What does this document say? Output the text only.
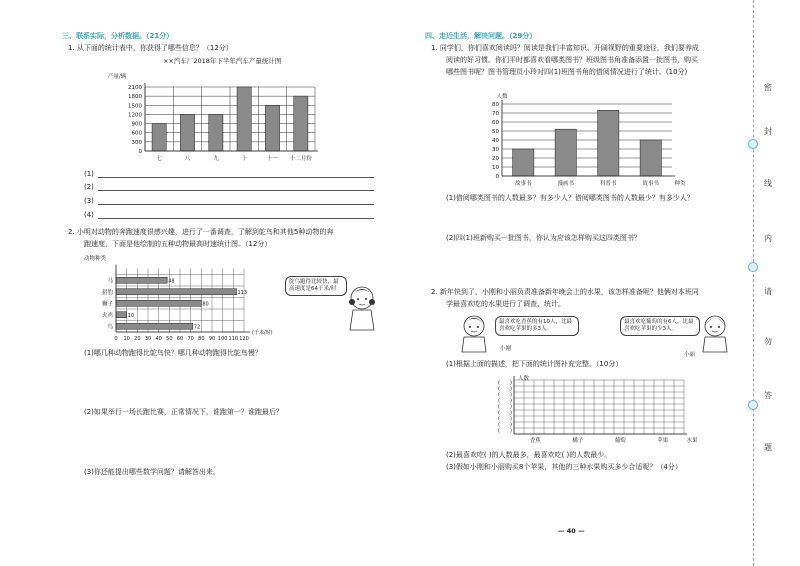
三、联系实际，分析数据。（21分）
1. 从下面的统计表中，你获得了哪些信息？（12分）
××汽车厂2018年下半年汽车产量统计图
产量/辆
0
300
600
900
1200
1500
1800
2100
七	八	九	十	十一 十二月份
(1)
(2)
(3)
(4)
2. 小明对动物的奔跑速度很感兴趣，进行了一番调查，了解到鸵鸟和其他5种动物的奔
跑速度，下面是他绘制的五种动物最高时速统计图。（12分）
动物种类
0 10 20 30 40 50 60 70 80 90 100 110 120
72
鸟
10
火鸡
80
狮子
113
猎豹
48
马
(千米/时)
鸵鸟跑得比较快，最高速度是64千米/时
(1)哪几种动物跑得比鸵鸟快？哪几种动物跑得比鸵鸟慢？
(2)如果举行一场长跑比赛，正常情况下，谁跑第一？谁跑最后？
(3)你还能提出哪些数学问题？请解答出来。
四、走近生活，解决问题。（29分）
1. 同学们，你们喜欢阅读吗？阅读是我们丰富知识、开阔视野的重要途径，我们要养成
阅读的好习惯。你们平时都喜欢看哪类图书？班级图书角准备添置一批图书，购买
哪些图书呢？图书管理员小玲对四(1)班图书角的借阅情况进行了统计。(10分)
人数
0
10
20
30
40
50
60
70
80
故事书	漫画书	科普书	故事书	种类
(1)借阅哪类图书的人数最多？有多少人？借阅哪类图书的人数最少？有多少人？
(2)四(1)班新购买一批图书，你认为应该怎样购买这四类图书？
2. 新年快到了，小刚和小丽负责准备新年晚会上的水果，该怎样准备呢？他俩对本班同
学最喜欢吃的水果进行了调查、统计。
最喜欢吃香蕉的有10人，比最喜欢吃苹果的多3人。
小刚
最喜欢吃葡萄的有6人，比最喜欢吃苹果的少3人。
小丽
(1)根据上面的描述，把下面的统计图补充完整。（10分）
人数
( )
( )
( )
( )
( )
( )
( )
( )
( )
香蕉	橘子	葡萄	苹果	水果
(2)最喜欢吃( )的人数最多，最喜欢吃( )的人数最少。
(3)假如小刚和小丽购买8个苹果，其他的三种水果购买多少合适呢？（4分）
— 40 —
密
封
线
内
请
勿
答
题
